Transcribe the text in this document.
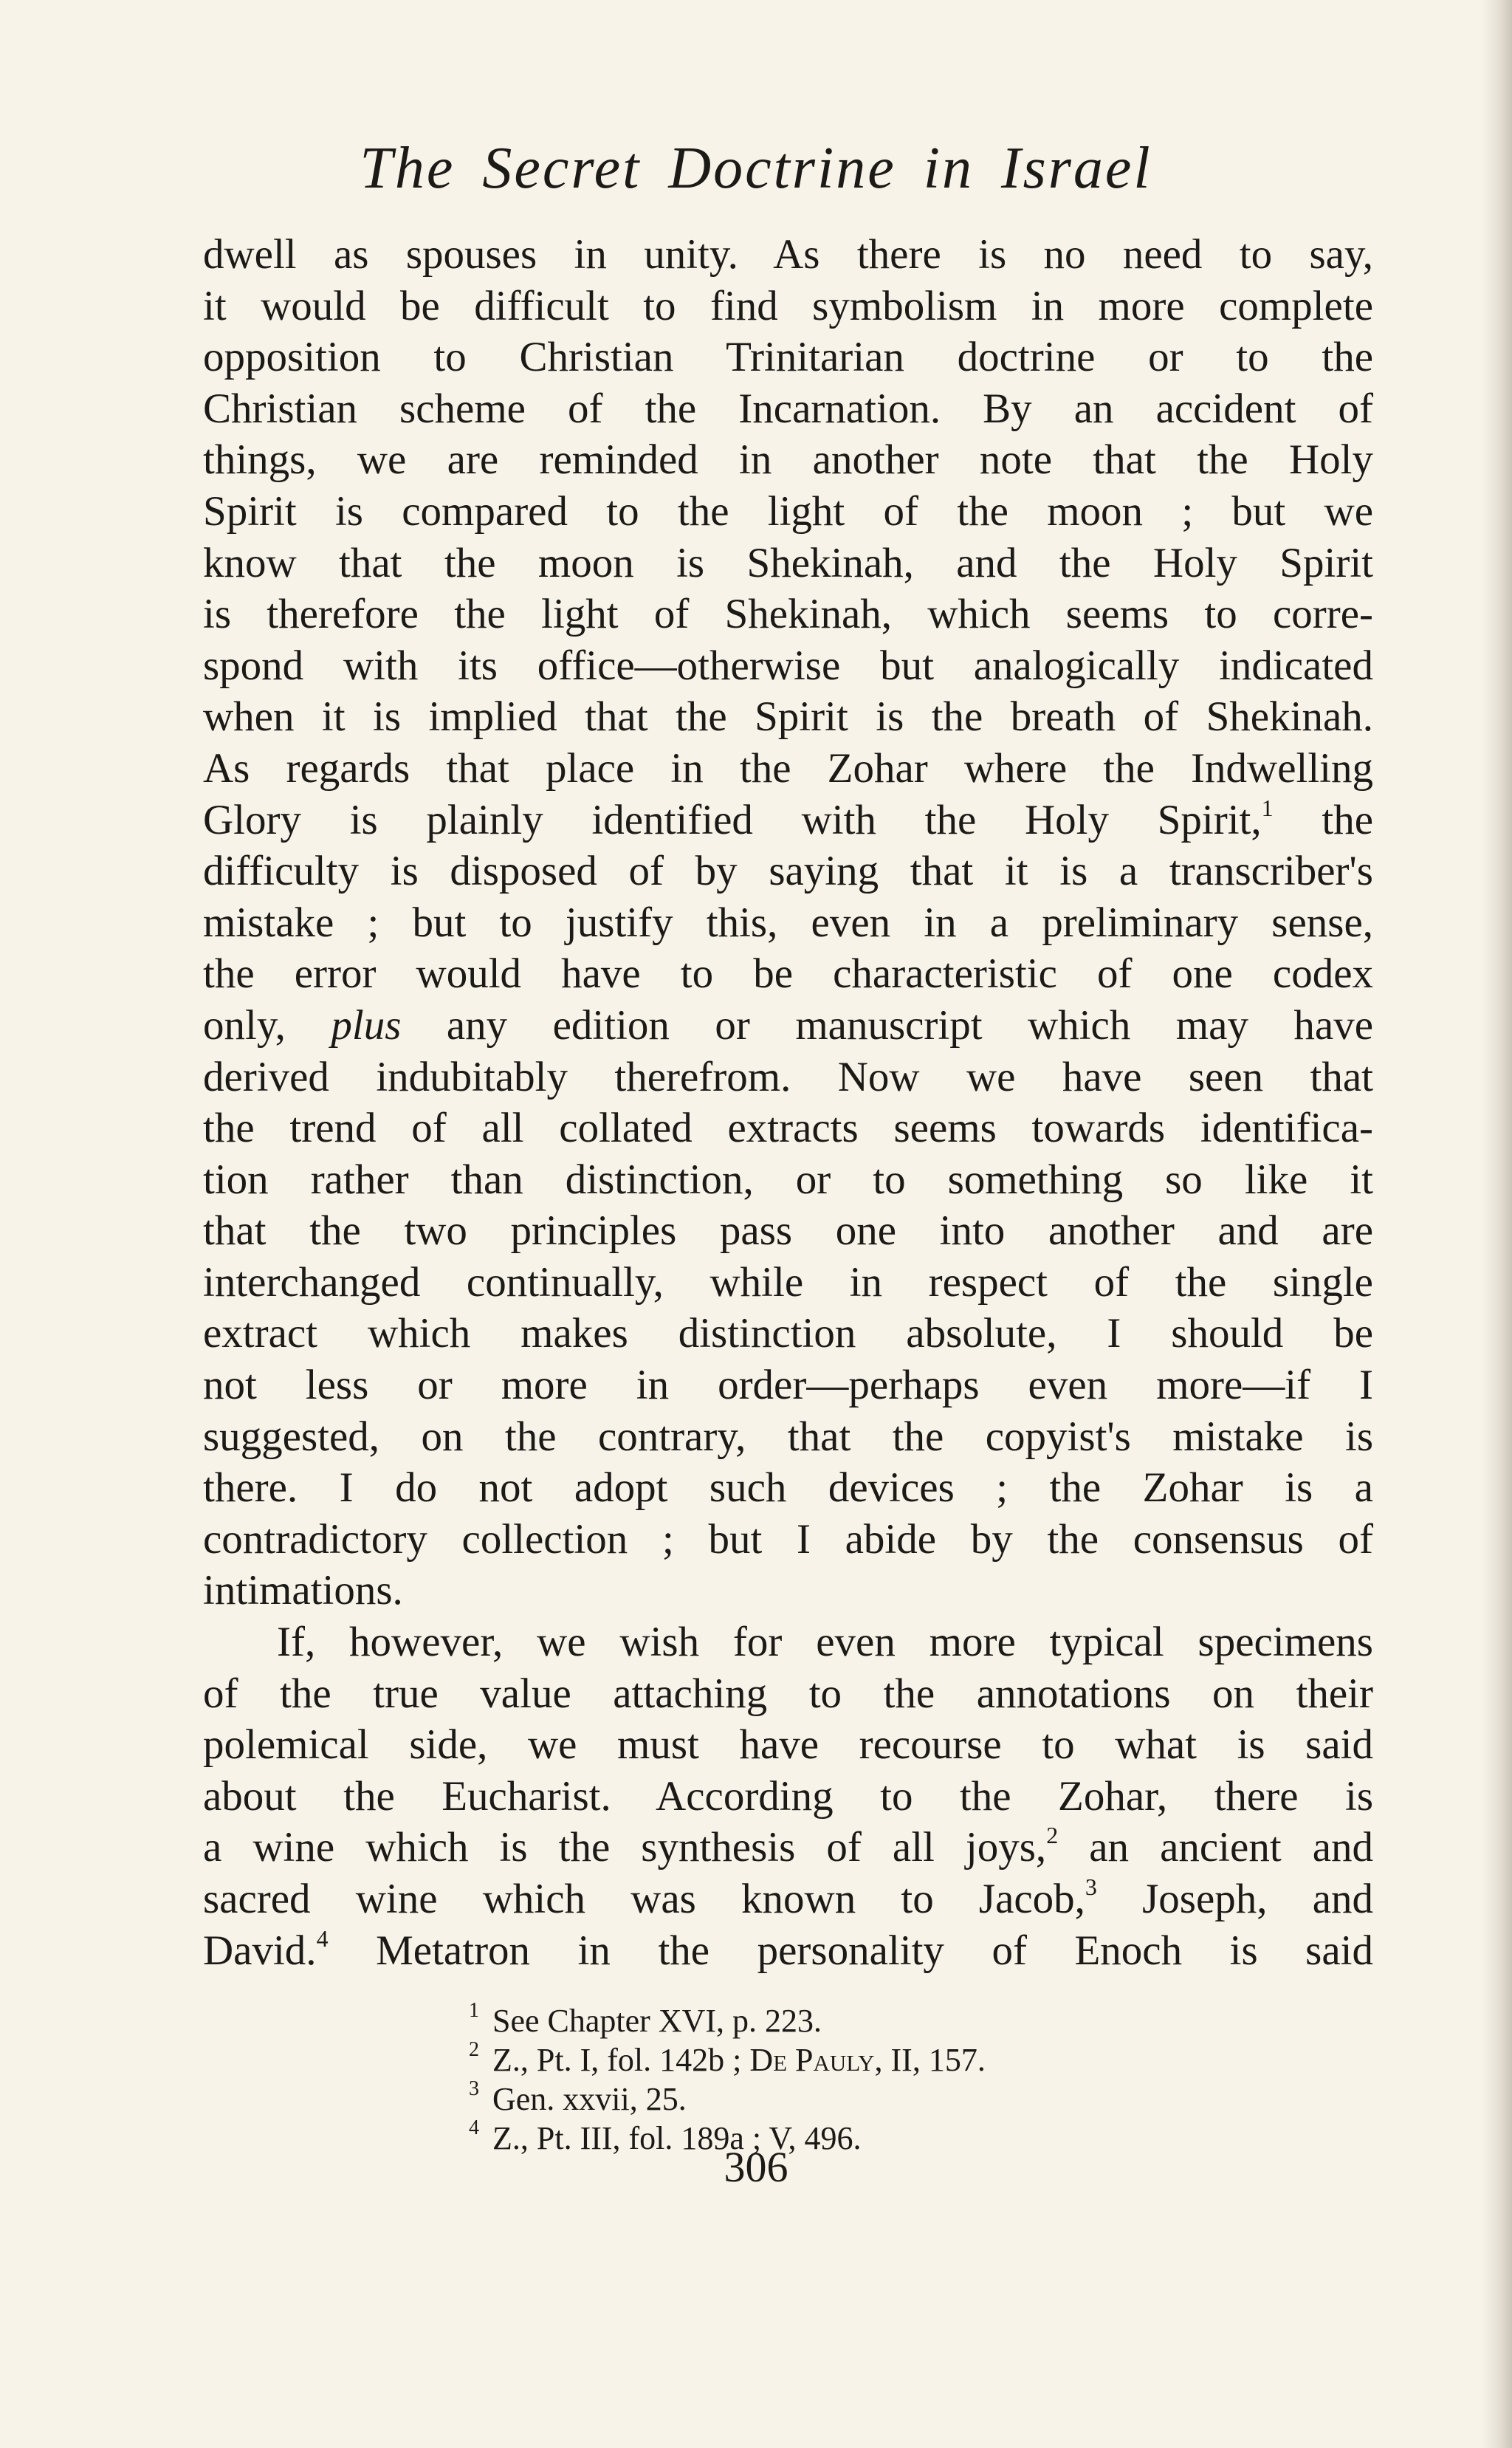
The Secret Doctrine in Israel
dwell as spouses in unity. As there is no need to say,
it would be difficult to find symbolism in more complete
opposition to Christian Trinitarian doctrine or to the
Christian scheme of the Incarnation. By an accident of
things, we are reminded in another note that the Holy
Spirit is compared to the light of the moon ; but we
know that the moon is Shekinah, and the Holy Spirit
is therefore the light of Shekinah, which seems to corre-
spond with its office—otherwise but analogically indicated
when it is implied that the Spirit is the breath of Shekinah.
As regards that place in the Zohar where the Indwelling
Glory is plainly identified with the Holy Spirit,$^1$ the
difficulty is disposed of by saying that it is a transcriber's
mistake ; but to justify this, even in a preliminary sense,
the error would have to be characteristic of one codex
only, plus any edition or manuscript which may have
derived indubitably therefrom. Now we have seen that
the trend of all collated extracts seems towards identifica-
tion rather than distinction, or to something so like it
that the two principles pass one into another and are
interchanged continually, while in respect of the single
extract which makes distinction absolute, I should be
not less or more in order—perhaps even more—if I
suggested, on the contrary, that the copyist's mistake is
there. I do not adopt such devices ; the Zohar is a
contradictory collection ; but I abide by the consensus of
intimations.
If, however, we wish for even more typical specimens
of the true value attaching to the annotations on their
polemical side, we must have recourse to what is said
about the Eucharist. According to the Zohar, there is
a wine which is the synthesis of all joys,$^2$ an ancient and
sacred wine which was known to Jacob,$^3$ Joseph, and
David.$^4$ Metatron in the personality of Enoch is said
$^1$ See Chapter XVI, p. 223.
$^2$ Z., Pt. I, fol. 142b ; De Pauly, II, 157.
$^3$ Gen. xxvii, 25.
$^4$ Z., Pt. III, fol. 189a ; V, 496.
306
